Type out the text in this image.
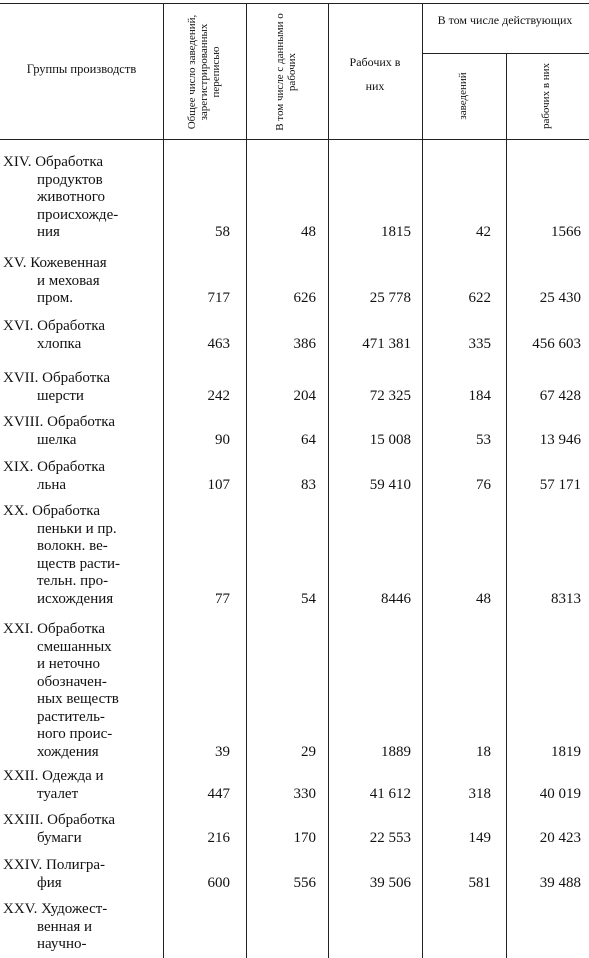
Группы производств	Общее число заведений, зарегистрированных переписью	В том числе с данными о рабочих	Рабочих в них
В том числе действующих
заведений	рабочих в них
XIV. Обработка
продуктов
животного
происхожде-
ния	58	48	1815	42	1566
XV. Кожевенная
и меховая
пром.	717	626	25 778	622	25 430
XVI. Обработка
хлопка	463	386	471 381	335	456 603
XVII. Обработка
шерсти	242	204	72 325	184	67 428
XVIII. Обработка
шелка	90	64	15 008	53	13 946
XIX. Обработка
льна	107	83	59 410	76	57 171
XX. Обработка
пеньки и пр.
волокн. ве-
ществ расти-
тельн. про-
исхождения	77	54	8446	48	8313
XXI. Обработка
смешанных
и неточно
обозначен-
ных веществ
раститель-
ного проис-
хождения	39	29	1889	18	1819
XXII. Одежда и
туалет	447	330	41 612	318	40 019
XXIII. Обработка
бумаги	216	170	22 553	149	20 423
XXIV. Полигра-
фия	600	556	39 506	581	39 488
XXV. Художест-
венная и
научно-
